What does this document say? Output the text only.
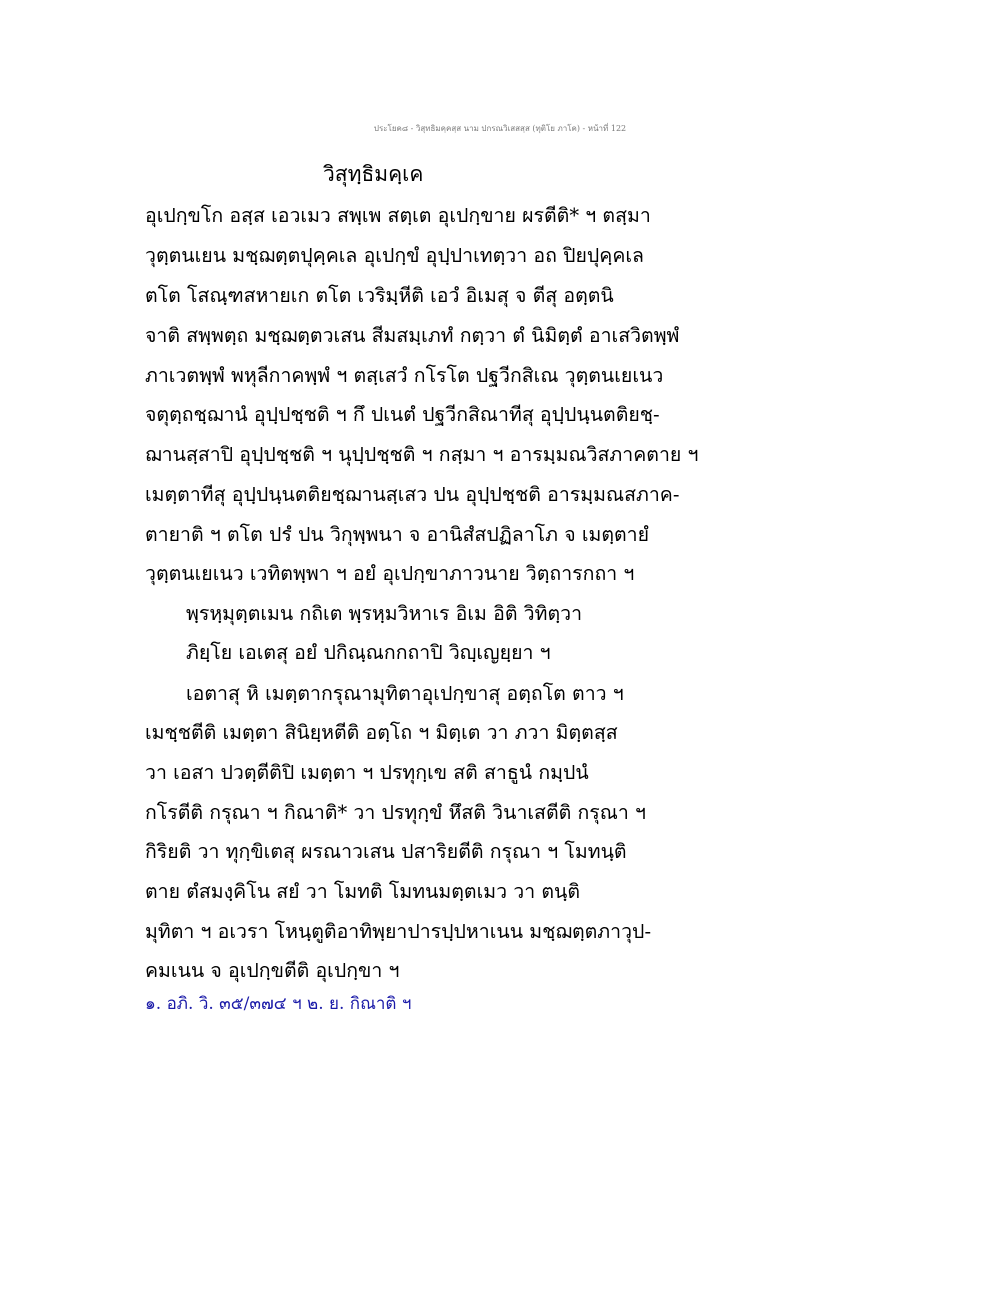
ประโยค๘ - วิสุทธิมคฺคสฺส นาม ปกรณวิเสสสฺส (ทุติโย ภาโค) - หน้าที่ 122
วิสุทฺธิมคฺเค
อุเปกฺขโก อสฺส เอวเมว สพฺเพ สตฺเต อุเปกฺขาย ผรตีติ* ฯ ตสฺมา
วุตฺตนเยน มชฺฌตฺตปุคฺคเล อุเปกฺขํ อุปฺปาเทตฺวา อถ ปิยปุคฺคเล
ตโต โสณฺฑสหายเก ตโต เวริมฺหีติ เอวํ อิเมสุ จ ตีสุ อตฺตนิ
จาติ สพฺพตฺถ มชฺฌตฺตวเสน สีมสมฺเภทํ กตฺวา ตํ นิมิตฺตํ อาเสวิตพฺพํ
ภาเวตพฺพํ พหุลีกาคพฺพํ ฯ ตสฺเสวํ กโรโต ปฐวีกสิเณ วุตฺตนเยเนว
จตุตฺถชฺฌานํ อุปฺปชฺชติ ฯ กึ ปเนตํ ปฐวีกสิณาทีสุ อุปฺปนฺนตติยชฺ-
ฌานสฺสาปิ อุปฺปชฺชติ ฯ นุปฺปชฺชติ ฯ กสฺมา ฯ อารมฺมณวิสภาคตาย ฯ
เมตฺตาทีสุ อุปฺปนฺนตติยชฺฌานสฺเสว ปน อุปฺปชฺชติ อารมฺมณสภาค-
ตายาติ ฯ ตโต ปรํ ปน วิกุพฺพนา จ อานิสํสปฏิลาโภ จ เมตฺตายํ
วุตฺตนเยเนว เวทิตพฺพา ฯ อยํ อุเปกฺขาภาวนาย วิตฺถารกถา ฯ
พฺรหฺมุตฺตเมน กถิเต พฺรหฺมวิหาเร อิเม อิติ วิทิตฺวา
ภิยฺโย เอเตสุ อยํ ปกิณฺณกกถาปิ วิญฺเญยฺยา ฯ
เอตาสุ หิ เมตฺตากรุณามุทิตาอุเปกฺขาสุ อตฺถโต ตาว ฯ
เมชฺชตีติ เมตฺตา สินิยฺหตีติ อตฺโถ ฯ มิตฺเต วา ภวา มิตฺตสฺส
วา เอสา ปวตฺตีติปิ เมตฺตา ฯ ปรทุกฺเข สติ สาธูนํ กมฺปนํ
กโรตีติ กรุณา ฯ กิณาติ* วา ปรทุกฺขํ หึสติ วินาเสตีติ กรุณา ฯ
กิริยติ วา ทุกฺขิเตสุ ผรณาวเสน ปสาริยตีติ กรุณา ฯ โมทนฺติ
ตาย ตํสมงฺคิโน สยํ วา โมทติ โมทนมตฺตเมว วา ตนฺติ
มุทิตา ฯ อเวรา โหนฺตูติอาทิพฺยาปารปฺปหาเนน มชฺฌตฺตภาวุป-
คมเนน จ อุเปกฺขตีติ อุเปกฺขา ฯ
๑. อภิ. วิ. ๓๕/๓๗๔ ฯ ๒. ย. กิณาติ ฯ
